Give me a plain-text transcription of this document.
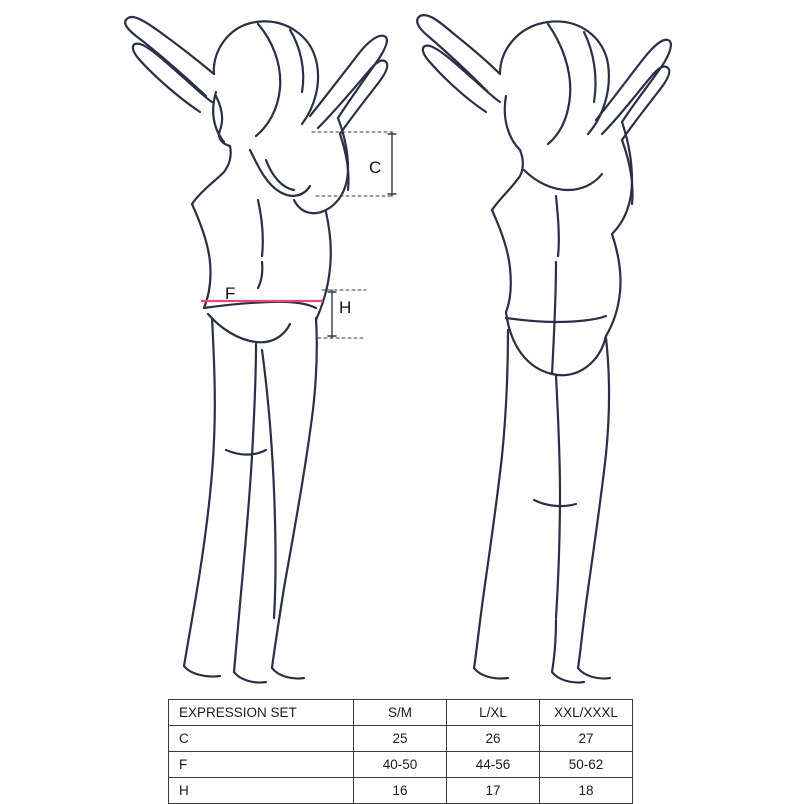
C
F
H
EXPRESSION SET	S/M	L/XL	XXL/XXXL
C	25	26	27
F	40-50	44-56	50-62
H	16	17	18
